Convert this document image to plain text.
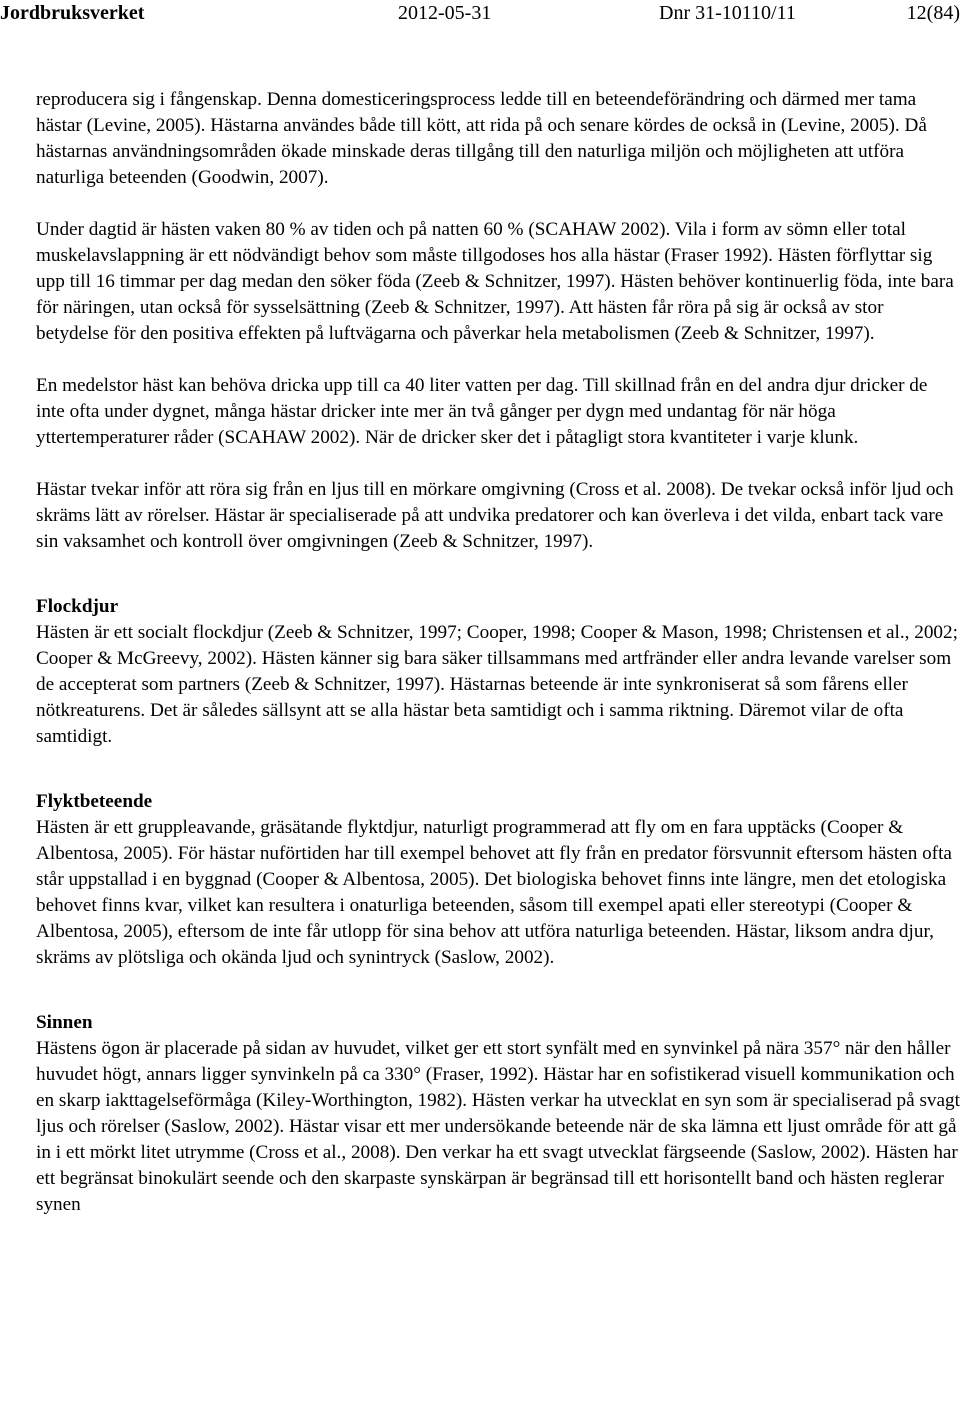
Jordbruksverket	2012-05-31	Dnr 31-10110/11	12(84)

reproducera sig i fångenskap. Denna domesticeringsprocess ledde till en beteendeförändring och därmed mer tama hästar (Levine, 2005). Hästarna användes både till kött, att rida på och senare kördes de också in (Levine, 2005). Då hästarnas användningsområden ökade minskade deras tillgång till den naturliga miljön och möjligheten att utföra naturliga beteenden (Goodwin, 2007).

Under dagtid är hästen vaken 80 % av tiden och på natten 60 % (SCAHAW 2002). Vila i form av sömn eller total muskelavslappning är ett nödvändigt behov som måste tillgodoses hos alla hästar (Fraser 1992). Hästen förflyttar sig upp till 16 timmar per dag medan den söker föda (Zeeb & Schnitzer, 1997). Hästen behöver kontinuerlig föda, inte bara för näringen, utan också för sysselsättning (Zeeb & Schnitzer, 1997). Att hästen får röra på sig är också av stor betydelse för den positiva effekten på luftvägarna och påverkar hela metabolismen (Zeeb & Schnitzer, 1997).

En medelstor häst kan behöva dricka upp till ca 40 liter vatten per dag. Till skillnad från en del andra djur dricker de inte ofta under dygnet, många hästar dricker inte mer än två gånger per dygn med undantag för när höga yttertemperaturer råder (SCAHAW 2002). När de dricker sker det i påtagligt stora kvantiteter i varje klunk.

Hästar tvekar inför att röra sig från en ljus till en mörkare omgivning (Cross et al. 2008). De tvekar också inför ljud och skräms lätt av rörelser. Hästar är specialiserade på att undvika predatorer och kan överleva i det vilda, enbart tack vare sin vaksamhet och kontroll över omgivningen (Zeeb & Schnitzer, 1997).

Flockdjur

Hästen är ett socialt flockdjur (Zeeb & Schnitzer, 1997; Cooper, 1998; Cooper & Mason, 1998; Christensen et al., 2002; Cooper & McGreevy, 2002). Hästen känner sig bara säker tillsammans med artfränder eller andra levande varelser som de accepterat som partners (Zeeb & Schnitzer, 1997). Hästarnas beteende är inte synkroniserat så som fårens eller nötkreaturens. Det är således sällsynt att se alla hästar beta samtidigt och i samma riktning. Däremot vilar de ofta samtidigt.

Flyktbeteende

Hästen är ett gruppleavande, gräsätande flyktdjur, naturligt programmerad att fly om en fara upptäcks (Cooper & Albentosa, 2005). För hästar nuförtiden har till exempel behovet att fly från en predator försvunnit eftersom hästen ofta står uppstallad i en byggnad (Cooper & Albentosa, 2005). Det biologiska behovet finns inte längre, men det etologiska behovet finns kvar, vilket kan resultera i onaturliga beteenden, såsom till exempel apati eller stereotypi (Cooper & Albentosa, 2005), eftersom de inte får utlopp för sina behov att utföra naturliga beteenden. Hästar, liksom andra djur, skräms av plötsliga och okända ljud och synintryck (Saslow, 2002).

Sinnen

Hästens ögon är placerade på sidan av huvudet, vilket ger ett stort synfält med en synvinkel på nära 357° när den håller huvudet högt, annars ligger synvinkeln på ca 330° (Fraser, 1992). Hästar har en sofistikerad visuell kommunikation och en skarp iakttagelseförmåga (Kiley-Worthington, 1982). Hästen verkar ha utvecklat en syn som är specialiserad på svagt ljus och rörelser (Saslow, 2002). Hästar visar ett mer undersökande beteende när de ska lämna ett ljust område för att gå in i ett mörkt litet utrymme (Cross et al., 2008). Den verkar ha ett svagt utvecklat färgseende (Saslow, 2002). Hästen har ett begränsat binokulärt seende och den skarpaste synskärpan är begränsad till ett horisontellt band och hästen reglerar synen
